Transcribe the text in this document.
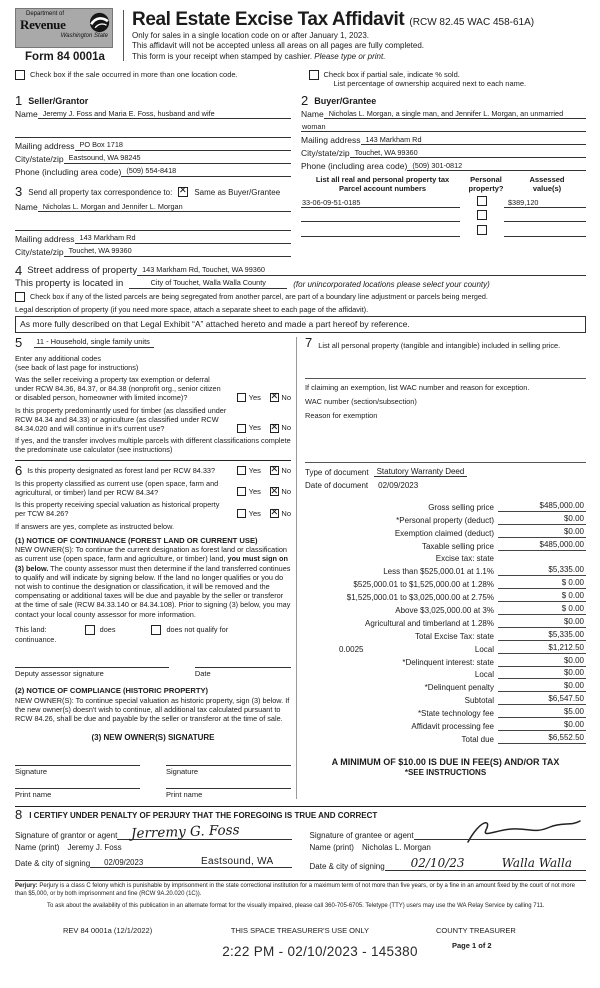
Department of
Revenue
Washington State
Form 84 0001a
Real Estate Excise Tax Affidavit (RCW 82.45 WAC 458-61A)
Only for sales in a single location code on or after January 1, 2023.
This affidavit will not be accepted unless all areas on all pages are fully completed.
This form is your receipt when stamped by cashier. Please type or print.
Check box if the sale occurred in more than one location code.	Check box if partial sale, indicate % sold.
List percentage of ownership acquired next to each name.
1 Seller/Grantor
Name Jeremy J. Foss and Maria E. Foss, husband and wife
Mailing address PO Box 1718
City/state/zip Eastsound, WA 98245
Phone (including area code) (509) 554-8418
3 Send all property tax correspondence to:
✕	Same as Buyer/Grantee
Name Nicholas L. Morgan and Jennifer L. Morgan
Mailing address 143 Markham Rd
City/state/zip Touchet, WA 99360
2 Buyer/Grantee
Name Nicholas L. Morgan, a single man, and Jennifer L. Morgan, an unmarried
woman
Mailing address 143 Markham Rd
City/state/zip Touchet, WA 99360
Phone (including area code) (509) 301-0812
List all real and personal property tax
Parcel account numbers
Personal
property?
Assessed
value(s)
33-06-09-51-0185	$389,120
4 Street address of property 143 Markham Rd, Touchet, WA 99360
This property is located in	City of Touchet, Walla Walla County	(for unincorporated locations please select your county)
Check box if any of the listed parcels are being segregated from another parcel, are part of a boundary line adjustment or parcels being merged.
Legal description of property (if you need more space, attach a separate sheet to each page of the affidavit).
As more fully described on that Legal Exhibit “A” attached hereto and made a part hereof by reference.
5 11 - Household, single family units
Enter any additional codes
(see back of last page for instructions)
Was the seller receiving a property tax exemption or deferral under RCW 84.36, 84.37, or 84.38 (nonprofit org., senior citizen or disabled person, homeowner with limited income)?	Yes ✕	No
Is this property predominantly used for timber (as classified under RCW 84.34 and 84.33) or agriculture (as classified under RCW 84.34.020 and will continue in it's current use?	Yes ✕	No
If yes, and the transfer involves multiple parcels with different classifications complete the predominate use calculator (see instructions)
6 Is this property designated as forest land per RCW 84.33?	Yes ✕	No
Is this property classified as current use (open space, farm and agricultural, or timber) land per RCW 84.34?	Yes ✕	No
Is this property receiving special valuation as historical property per TCW 84.26?	Yes ✕	No
If answers are yes, complete as instructed below.
(1) NOTICE OF CONTINUANCE (FOREST LAND OR CURRENT USE)
NEW OWNER(S): To continue the current designation as forest land or classification as current use (open space, farm and agriculture, or timber) land, you must sign on (3) below. The county assessor must then determine if the land transferred continues to qualify and will indicate by signing below. If the land no longer qualifies or you do not wish to continue the designation or classification, it will be removed and the compensating or additional taxes will be due and payable by the seller or transferor at the time of sale (RCW 84.33.140 or 84.34.108). Prior to signing (3) below, you may contact your local county assessor for more information.
This land:	does	does not qualify for
continuance.
Deputy assessor signature	Date
(2) NOTICE OF COMPLIANCE (HISTORIC PROPERTY)
NEW OWNER(S): To continue special valuation as historic property, sign (3) below. If the new owner(s) doesn't wish to continue, all additional tax calculated pursuant to RCW 84.26, shall be due and payable by the seller or transferor at the time of sale.
(3) NEW OWNER(S) SIGNATURE
Signature	Signature
Print name	Print name
7 List all personal property (tangible and intangible) included in selling price.
If claiming an exemption, list WAC number and reason for exception.
WAC number (section/subsection)
Reason for exemption
Type of document	Statutory Warranty Deed
Date of document	02/09/2023
Gross selling price	$485,000.00
*Personal property (deduct)	$0.00
Exemption claimed (deduct)	$0.00
Taxable selling price	$485,000.00
Excise tax: state
Less than $525,000.01 at 1.1%	$5,335.00
$525,000.01 to $1,525,000.00 at 1.28%	$ 0.00
$1,525,000.01 to $3,025,000.00 at 2.75%	$ 0.00
Above $3,025,000.00 at 3%	$ 0.00
Agricultural and timberland at 1.28%	$0.00
Total Excise Tax: state	$5,335.00
0.0025	Local	$1,212.50
*Delinquent interest: state	$0.00
Local	$0.00
*Delinquent penalty	$0.00
Subtotal	$6,547.50
*State technology fee	$5.00
Affidavit processing fee	$0.00
Total due	$6,552.50
A MINIMUM OF $10.00 IS DUE IN FEE(S) AND/OR TAX
*SEE INSTRUCTIONS
8 I CERTIFY UNDER PENALTY OF PERJURY THAT THE FOREGOING IS TRUE AND CORRECT
Signature of grantor or agent Jerremy G. Foss
Name (print)	Jeremy J. Foss
Date & city of signing	02/09/2023	Eastsound, WA
Signature of grantee or agent
Name (print)	Nicholas L. Morgan
Date & city of signing	02/10/23	Walla Walla
Perjury: Perjury is a class C felony which is punishable by imprisonment in the state correctional institution for a maximum term of not more than five years, or by a fine in an amount fixed by the court of not more than $5,000, or by both imprisonment and fine (RCW 9A.20.020 (1C)).
To ask about the availability of this publication in an alternate format for the visually impaired, please call 360-705-6705. Teletype (TTY) users may use the WA Relay Service by calling 711.
REV 84 0001a (12/1/2022)	THIS SPACE TREASURER'S USE ONLY	COUNTY TREASURER
Page 1 of 2
2:22 PM - 02/10/2023 - 145380
